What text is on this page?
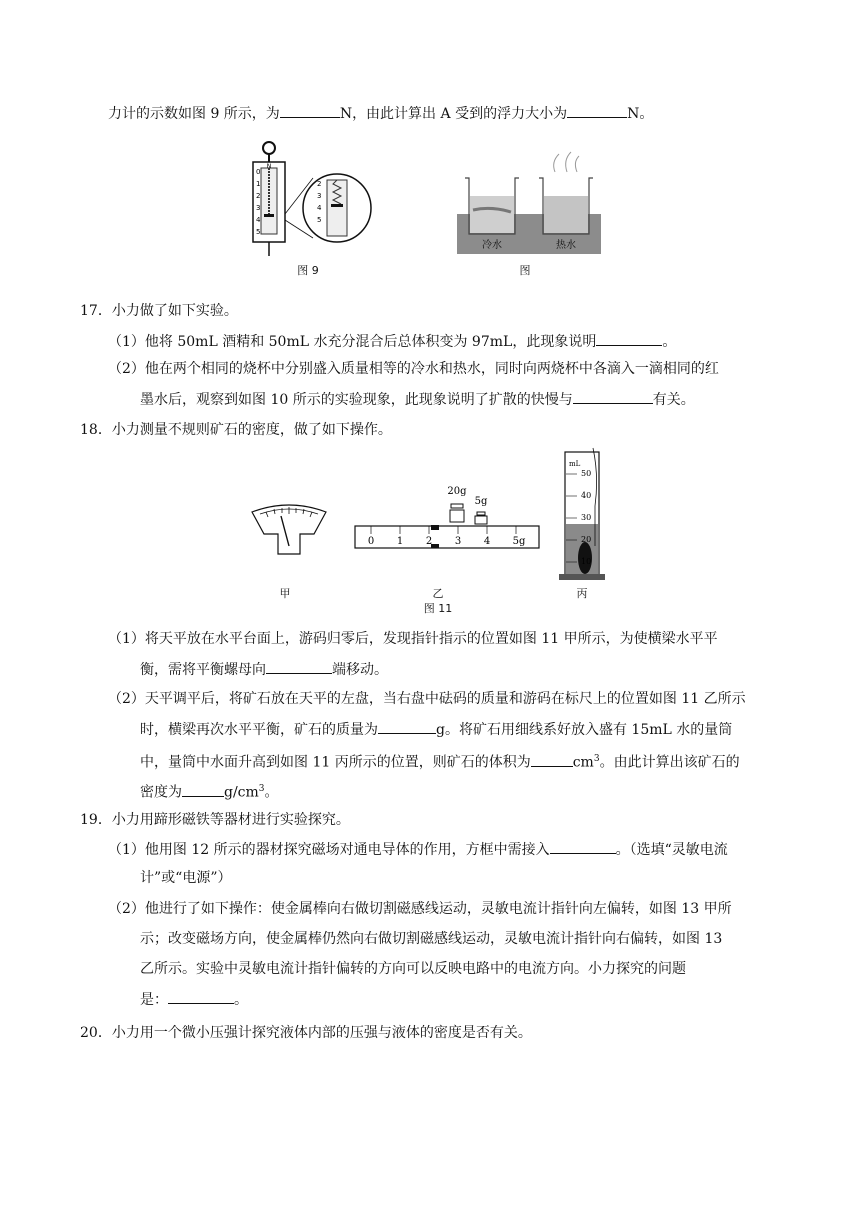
力计的示数如图 9 所示，为	N，由此计算出 A 受到的浮力大小为	N。
N
0
1
2
3
4
5
2
3
4
5
图 9
冷水	热水
图
17．小力做了如下实验。
（1）他将 50mL 酒精和 50mL 水充分混合后总体积变为 97mL，此现象说明	。
（2）他在两个相同的烧杯中分别盛入质量相等的冷水和热水，同时向两烧杯中各滴入一滴相同的红
墨水后，观察到如图 10 所示的实验现象，此现象说明了扩散的快慢与	有关。
18．小力测量不规则矿石的密度，做了如下操作。
20g
5g
0 1 2 3 4 5g
mL
50
40
30
20
10
甲	乙	丙
图 11
（1）将天平放在水平台面上，游码归零后，发现指针指示的位置如图 11 甲所示，为使横梁水平平
衡，需将平衡螺母向	端移动。
（2）天平调平后，将矿石放在天平的左盘，当右盘中砝码的质量和游码在标尺上的位置如图 11 乙所示
时，横梁再次水平平衡，矿石的质量为	g。将矿石用细线系好放入盛有 15mL 水的量筒
中，量筒中水面升高到如图 11 丙所示的位置，则矿石的体积为	$cm^3$。由此计算出该矿石的
密度为	$g/cm^3$。
19．小力用蹄形磁铁等器材进行实验探究。
（1）他用图 12 所示的器材探究磁场对通电导体的作用，方框中需接入	。（选填“灵敏电流
计”或“电源”）
（2）他进行了如下操作：使金属棒向右做切割磁感线运动，灵敏电流计指针向左偏转，如图 13 甲所
示；改变磁场方向，使金属棒仍然向右做切割磁感线运动，灵敏电流计指针向右偏转，如图 13
乙所示。实验中灵敏电流计指针偏转的方向可以反映电路中的电流方向。小力探究的问题
是：	。
20．小力用一个微小压强计探究液体内部的压强与液体的密度是否有关。
